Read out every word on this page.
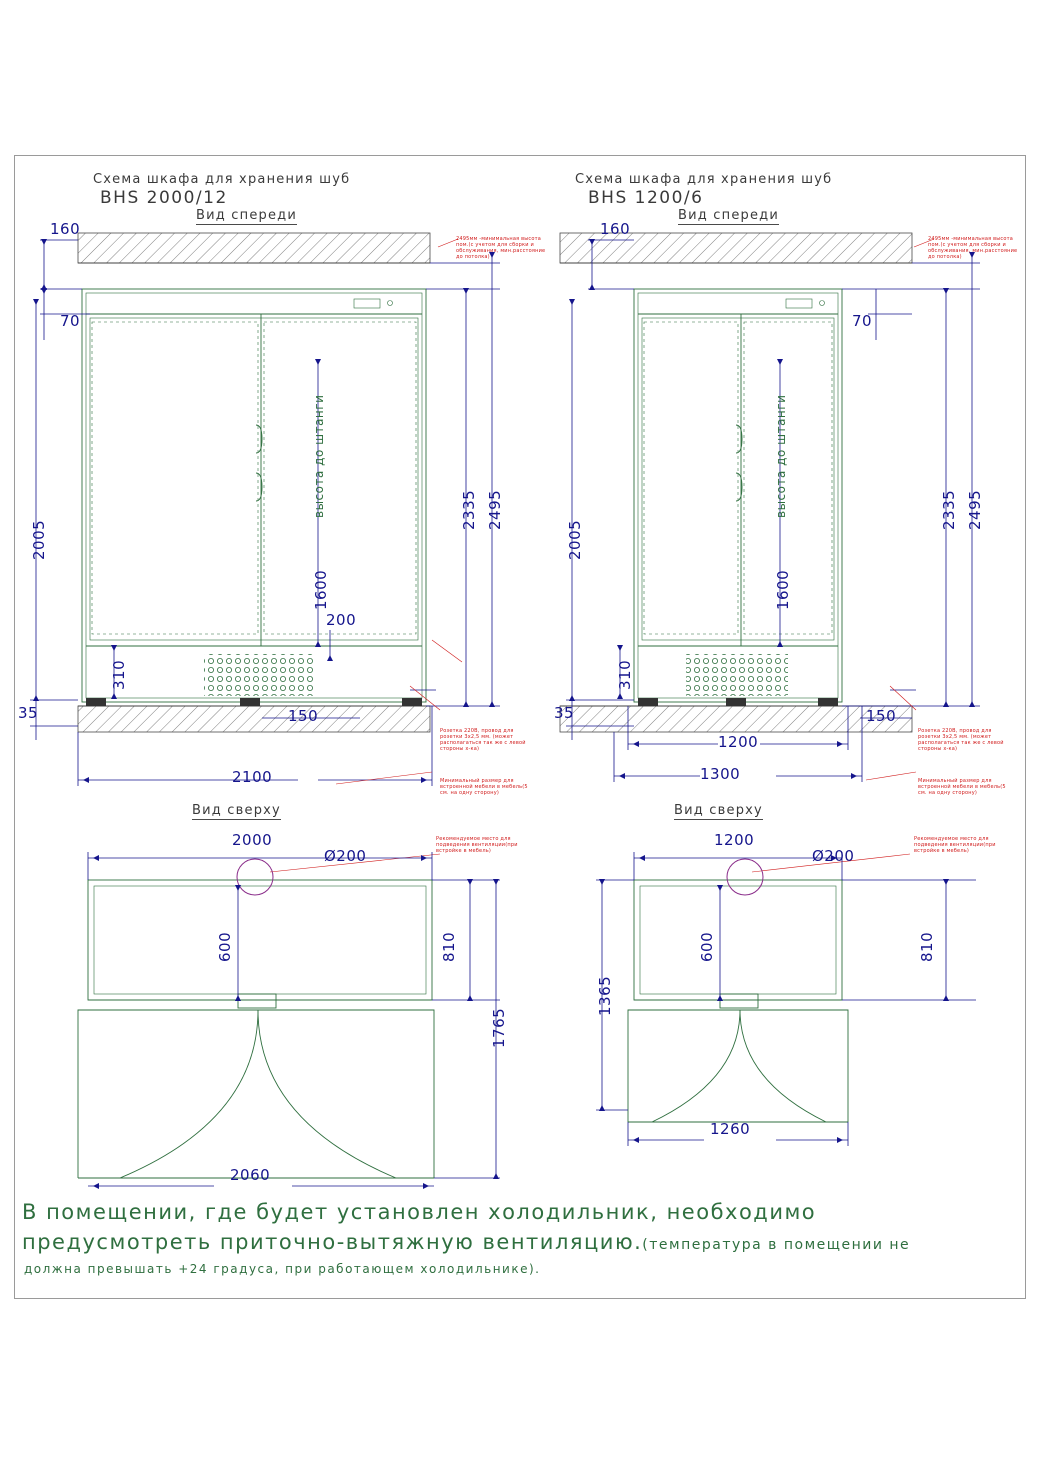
Схема шкафа для хранения шуб
BHS 2000/12
Вид спереди
160
70
2005
35
2335 2495
1600
высота до штанги
310
200
150
2100
Вид сверху
2000
Ø200
600	810
1765
2060
2495мм -минимальная высота пом.(с учетом для сборки и обслуживания, мин.расстояние до потолка)
Розетка 220В, провод для розетки 3х2,5 мм. (может располагаться так же с левой стороны х-ка)
Минимальный размер для встроенной мебели в мебель(5 см. на одну сторону)
Рекомендуемое место для подведения вентиляции(при встройке в мебель)
Схема шкафа для хранения шуб
BHS 1200/6
Вид спереди
160
70
2005
35
2335 2495
1600
высота до штанги
310
150
1200
1300
Вид сверху
1200
Ø200
600	810
1365
1260
2495мм -минимальная высота пом.(с учетом для сборки и обслуживания, мин.расстояние до потолка)
Розетка 220В, провод для розетки 3х2,5 мм. (может располагаться так же с левой стороны х-ка)
Минимальный размер для встроенной мебели в мебель(5 см. на одну сторону)
Рекомендуемое место для подведения вентиляции(при встройке в мебель)
В помещении, где будет установлен холодильник, необходимо
предусмотреть приточно-вытяжную вентиляцию.(температура в помещении не
должна превышать +24 градуса, при работающем холодильнике).
